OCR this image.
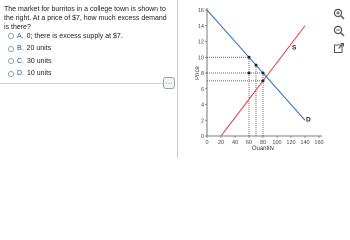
The market for burritos in a college town is shown to the right. At a price of $7, how much excess demand is there?
A. 0; there is excess supply at $7.
B. 20 units
C. 30 units
D. 10 units
···
0
2
4
6
8
10
12
14
16
0 20 40 60 80 100 120 140 160
Quantity
Price
S
D
